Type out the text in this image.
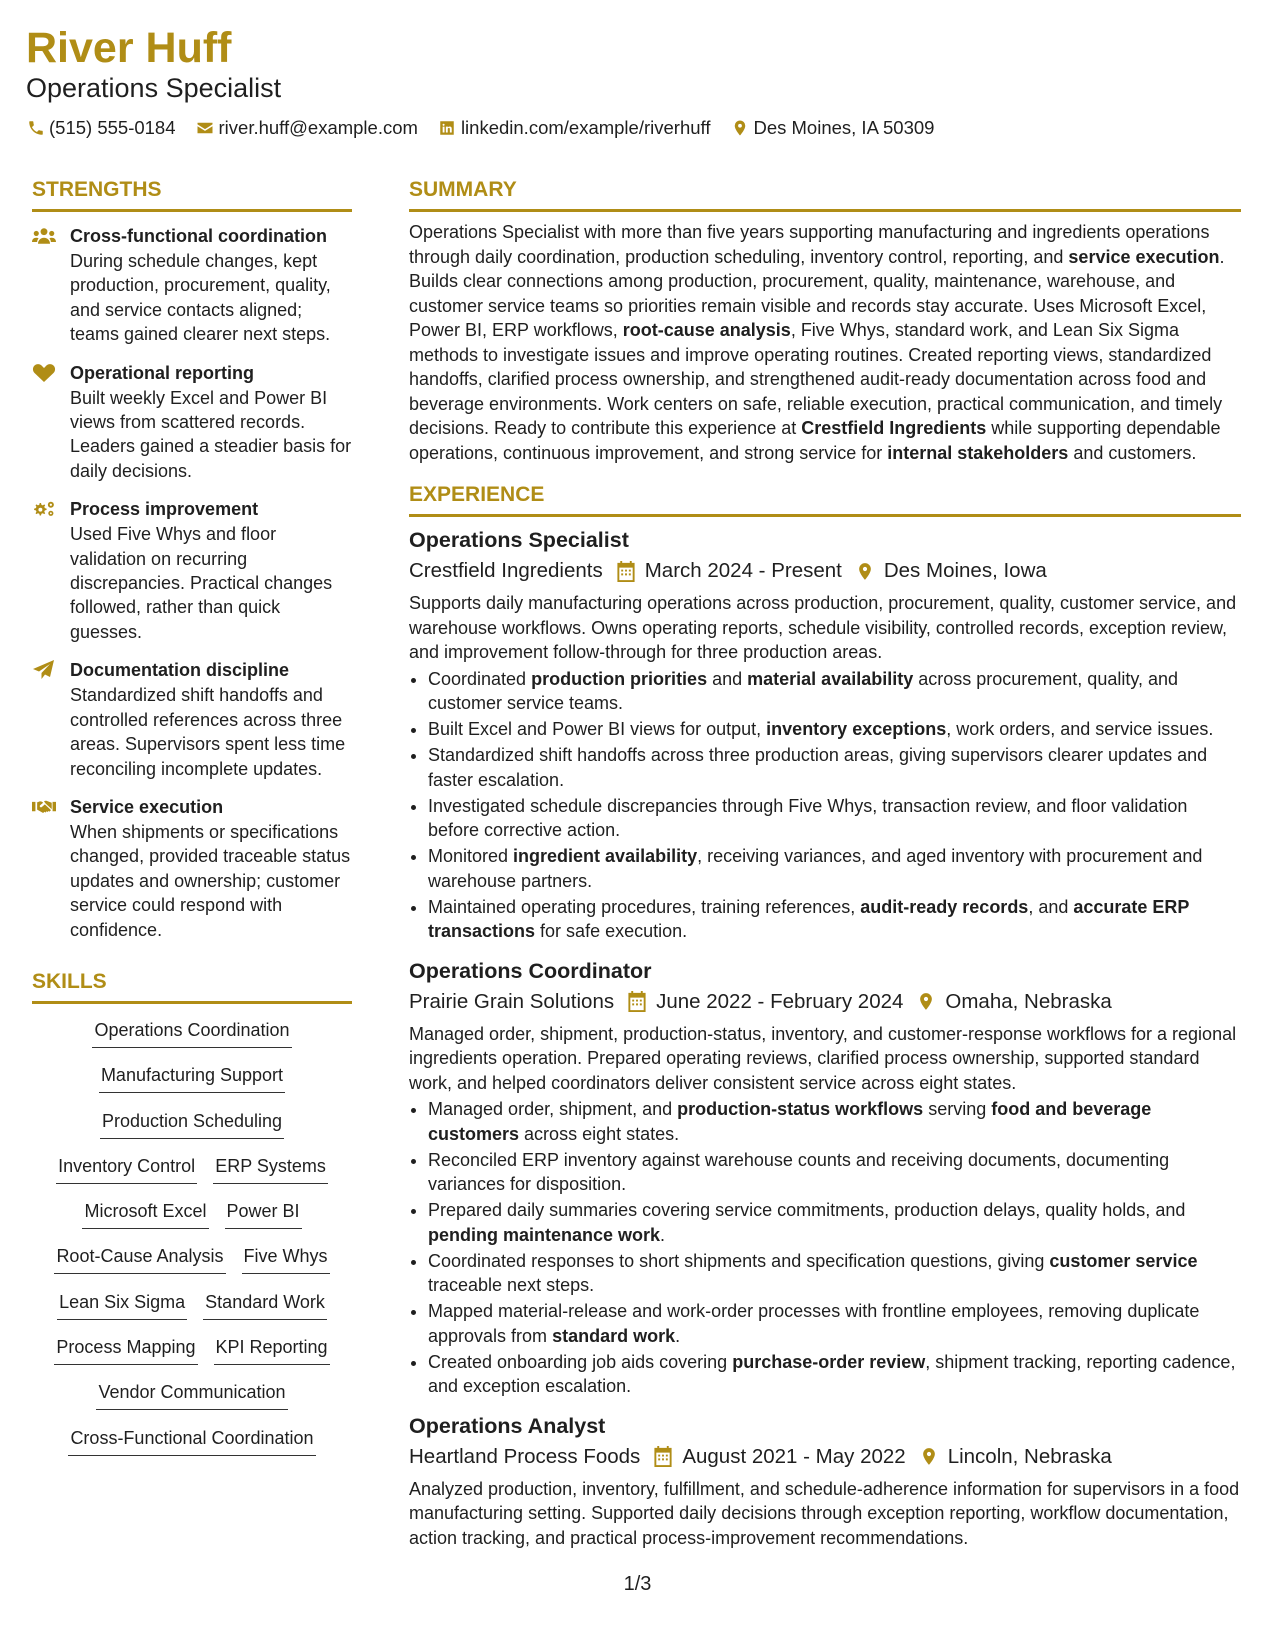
River Huff
Operations Specialist
(515) 555-0184 river.huff@example.com linkedin.com/example/riverhuff Des Moines, IA 50309
STRENGTHS
Cross-functional coordination
During schedule changes, kept production, procurement, quality, and service contacts aligned; teams gained clearer next steps.
Operational reporting
Built weekly Excel and Power BI views from scattered records. Leaders gained a steadier basis for daily decisions.
Process improvement
Used Five Whys and floor validation on recurring discrepancies. Practical changes followed, rather than quick guesses.
Documentation discipline
Standardized shift handoffs and controlled references across three areas. Supervisors spent less time reconciling incomplete updates.
Service execution
When shipments or specifications changed, provided traceable status updates and ownership; customer service could respond with confidence.
SKILLS
Operations Coordination
Manufacturing Support
Production Scheduling
Inventory Control ERP Systems
Microsoft Excel Power BI
Root-Cause Analysis Five Whys
Lean Six Sigma Standard Work
Process Mapping KPI Reporting
Vendor Communication
Cross-Functional Coordination
SUMMARY
Operations Specialist with more than five years supporting manufacturing and ingredients operations through daily coordination, production scheduling, inventory control, reporting, and service execution. Builds clear connections among production, procurement, quality, maintenance, warehouse, and customer service teams so priorities remain visible and records stay accurate. Uses Microsoft Excel, Power BI, ERP workflows, root-cause analysis, Five Whys, standard work, and Lean Six Sigma methods to investigate issues and improve operating routines. Created reporting views, standardized handoffs, clarified process ownership, and strengthened audit-ready documentation across food and beverage environments. Work centers on safe, reliable execution, practical communication, and timely decisions. Ready to contribute this experience at Crestfield Ingredients while supporting dependable operations, continuous improvement, and strong service for internal stakeholders and customers.
EXPERIENCE
Operations Specialist
Crestfield Ingredients March 2024 - Present Des Moines, Iowa
Supports daily manufacturing operations across production, procurement, quality, customer service, and warehouse workflows. Owns operating reports, schedule visibility, controlled records, exception review, and improvement follow-through for three production areas.
• Coordinated production priorities and material availability across procurement, quality, and customer service teams.
• Built Excel and Power BI views for output, inventory exceptions, work orders, and service issues.
• Standardized shift handoffs across three production areas, giving supervisors clearer updates and faster escalation.
• Investigated schedule discrepancies through Five Whys, transaction review, and floor validation before corrective action.
• Monitored ingredient availability, receiving variances, and aged inventory with procurement and warehouse partners.
• Maintained operating procedures, training references, audit-ready records, and accurate ERP transactions for safe execution.
Operations Coordinator
Prairie Grain Solutions June 2022 - February 2024 Omaha, Nebraska
Managed order, shipment, production-status, inventory, and customer-response workflows for a regional ingredients operation. Prepared operating reviews, clarified process ownership, supported standard work, and helped coordinators deliver consistent service across eight states.
• Managed order, shipment, and production-status workflows serving food and beverage customers across eight states.
• Reconciled ERP inventory against warehouse counts and receiving documents, documenting variances for disposition.
• Prepared daily summaries covering service commitments, production delays, quality holds, and pending maintenance work.
• Coordinated responses to short shipments and specification questions, giving customer service traceable next steps.
• Mapped material-release and work-order processes with frontline employees, removing duplicate approvals from standard work.
• Created onboarding job aids covering purchase-order review, shipment tracking, reporting cadence, and exception escalation.
Operations Analyst
Heartland Process Foods August 2021 - May 2022 Lincoln, Nebraska
Analyzed production, inventory, fulfillment, and schedule-adherence information for supervisors in a food manufacturing setting. Supported daily decisions through exception reporting, workflow documentation, action tracking, and practical process-improvement recommendations.
1/3
